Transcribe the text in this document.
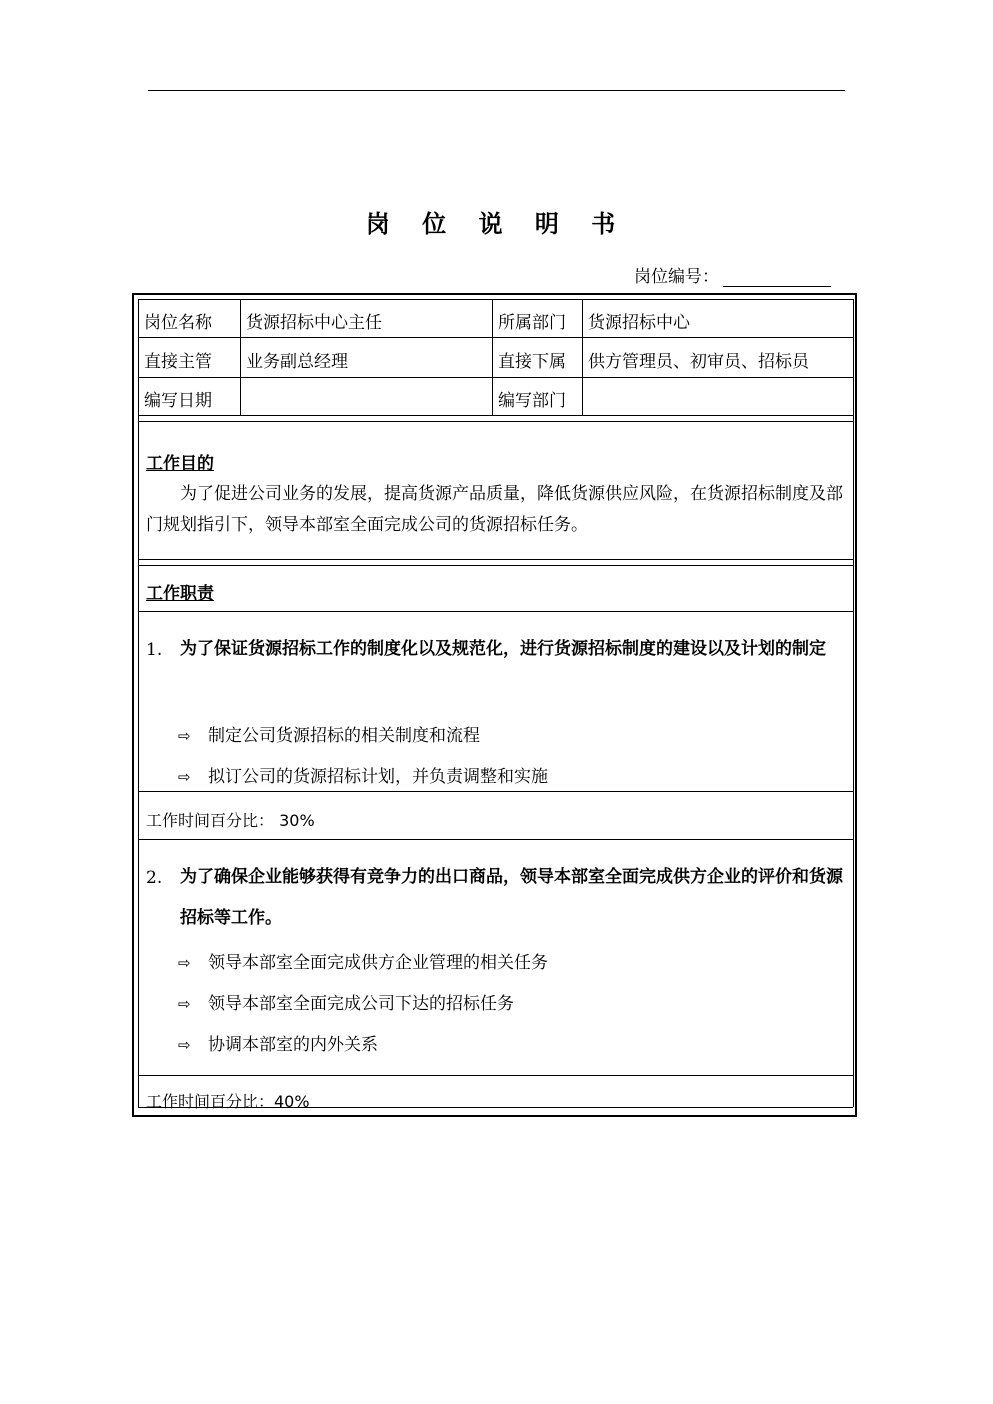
岗 位 说 明 书
岗位编号：
岗位名称 货源招标中心主任	所属部门 货源招标中心
直接主管 业务副总经理	直接下属 供方管理员、初审员、招标员
编写日期	编写部门
工作目的
为了促进公司业务的发展，提高货源产品质量，降低货源供应风险，在货源招标制度及部门规划指引下，领导本部室全面完成公司的货源招标任务。
工作职责
1. 为了保证货源招标工作的制度化以及规范化，进行货源招标制度的建设以及计划的制定
⇨ 制定公司货源招标的相关制度和流程
⇨ 拟订公司的货源招标计划，并负责调整和实施
工作时间百分比： 30%
2. 为了确保企业能够获得有竞争力的出口商品，领导本部室全面完成供方企业的评价和货源招标等工作。
⇨ 领导本部室全面完成供方企业管理的相关任务
⇨ 领导本部室全面完成公司下达的招标任务
⇨ 协调本部室的内外关系
工作时间百分比：40%
